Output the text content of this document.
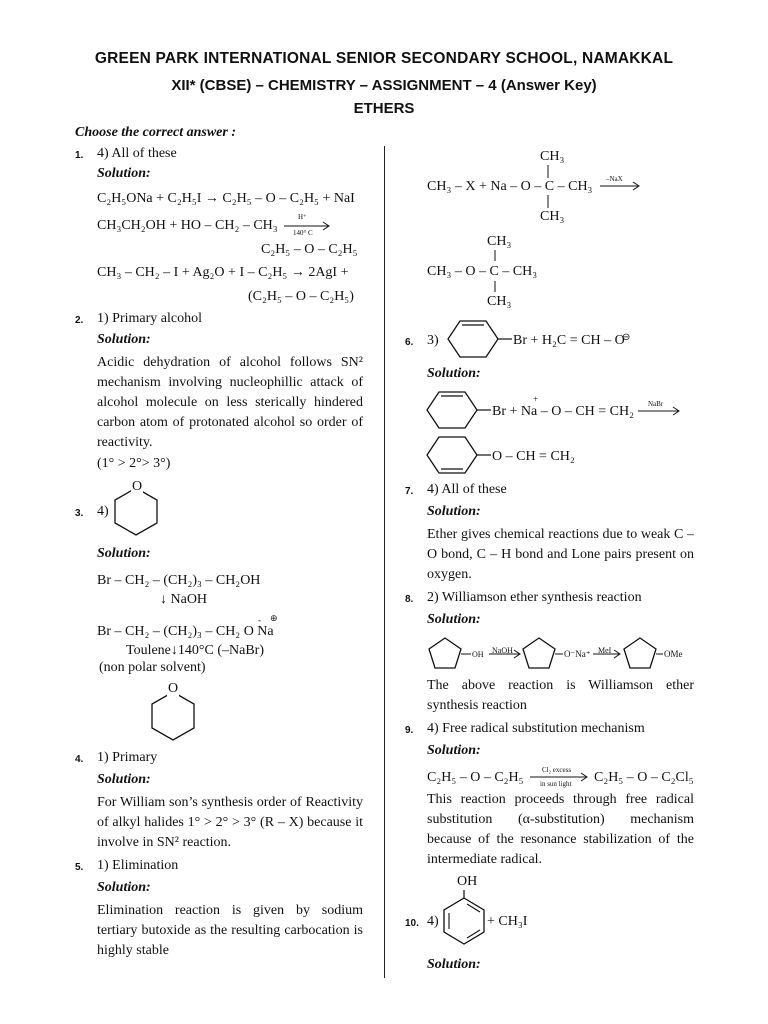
GREEN PARK INTERNATIONAL SENIOR SECONDARY SCHOOL, NAMAKKAL
XII* (CBSE) – CHEMISTRY – ASSIGNMENT – 4 (Answer Key)
ETHERS
Choose the correct answer :
1. 4) All of these
Solution:
C₂H₅ONa + C₂H₅I → C₂H₅ – O – C₂H₅ + NaI
CH₃CH₂OH + HO – CH₂ – CH₃
H⁺
140° C
C₂H₅ – O – C₂H₅
CH₃ – CH₂ – I + Ag₂O + I – C₂H₅ → 2AgI +
(C₂H₅ – O – C₂H₅)
2. 1) Primary alcohol
Solution:
Acidic dehydration of alcohol follows SN² mechanism involving nucleophillic attack of alcohol molecule on less sterically hindered carbon atom of protonated alcohol so order of reactivity.
(1° > 2°> 3°)
3. 4)
O
Solution:
Br – CH₂ – (CH₂)₃ – CH₂OH
↓ NaOH
Br – CH₂ – (CH₂)₃ – CH₂ O Na
- ⊕
Toulene↓140°C (–NaBr)
(non polar solvent)
O
4. 1) Primary
Solution:
For William son’s synthesis order of Reactivity of alkyl halides 1° > 2° > 3° (R – X) because it involve in SN² reaction.
5. 1) Elimination
Solution:
Elimination reaction is given by sodium tertiary butoxide as the resulting carbocation is highly stable
CH₃
CH₃ – X + Na – O – C – CH₃ –NaX
CH₃
CH₃
CH₃ – O – C – CH₃
CH₃
6. 3)	Br + H₂C = CH – O
⊖
Solution:
Br + Na – O – CH = CH₂
+	NaBr
O – CH = CH₂
7. 4) All of these
Solution:
Ether gives chemical reactions due to weak C – O bond, C – H bond and Lone pairs present on oxygen.
8. 2) Williamson ether synthesis reaction
Solution:
OH NaOH	O⁻Na⁺ MeI	OMe
The above reaction is Williamson ether synthesis reaction
9. 4) Free radical substitution mechanism
Solution:
C₂H₅ – O – C₂H₅	Cl₂ excess
in sun light C₂H₅ – O – C₂Cl₅
This reaction proceeds through free radical substitution (α-substitution) mechanism because of the resonance stabilization of the intermediate radical.
10. 4)
OH
+ CH₃I
Solution:
